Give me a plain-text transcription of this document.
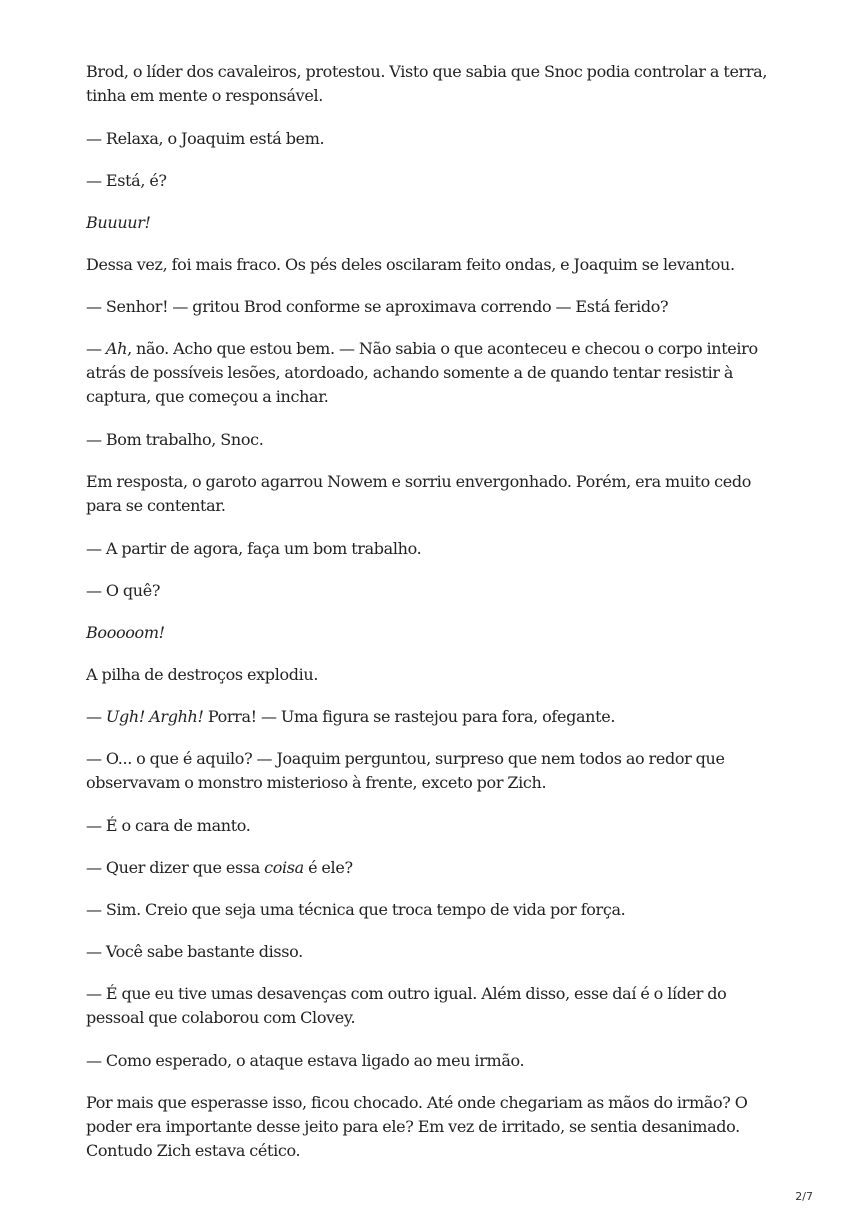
Brod, o líder dos cavaleiros, protestou. Visto que sabia que Snoc podia controlar a terra, tinha em mente o responsável.

— Relaxa, o Joaquim está bem.

— Está, é?

Buuuur!

Dessa vez, foi mais fraco. Os pés deles oscilaram feito ondas, e Joaquim se levantou.

— Senhor! — gritou Brod conforme se aproximava correndo — Está ferido?

— Ah, não. Acho que estou bem. — Não sabia o que aconteceu e checou o corpo inteiro atrás de possíveis lesões, atordoado, achando somente a de quando tentar resistir à captura, que começou a inchar.

— Bom trabalho, Snoc.

Em resposta, o garoto agarrou Nowem e sorriu envergonhado. Porém, era muito cedo para se contentar.

— A partir de agora, faça um bom trabalho.

— O quê?

Booooom!

A pilha de destroços explodiu.

— Ugh! Arghh! Porra! — Uma figura se rastejou para fora, ofegante.

— O... o que é aquilo? — Joaquim perguntou, surpreso que nem todos ao redor que observavam o monstro misterioso à frente, exceto por Zich.

— É o cara de manto.

— Quer dizer que essa coisa é ele?

— Sim. Creio que seja uma técnica que troca tempo de vida por força.

— Você sabe bastante disso.

— É que eu tive umas desavenças com outro igual. Além disso, esse daí é o líder do pessoal que colaborou com Clovey.

— Como esperado, o ataque estava ligado ao meu irmão.

Por mais que esperasse isso, ficou chocado. Até onde chegariam as mãos do irmão? O poder era importante desse jeito para ele? Em vez de irritado, se sentia desanimado. Contudo Zich estava cético.

2/7
